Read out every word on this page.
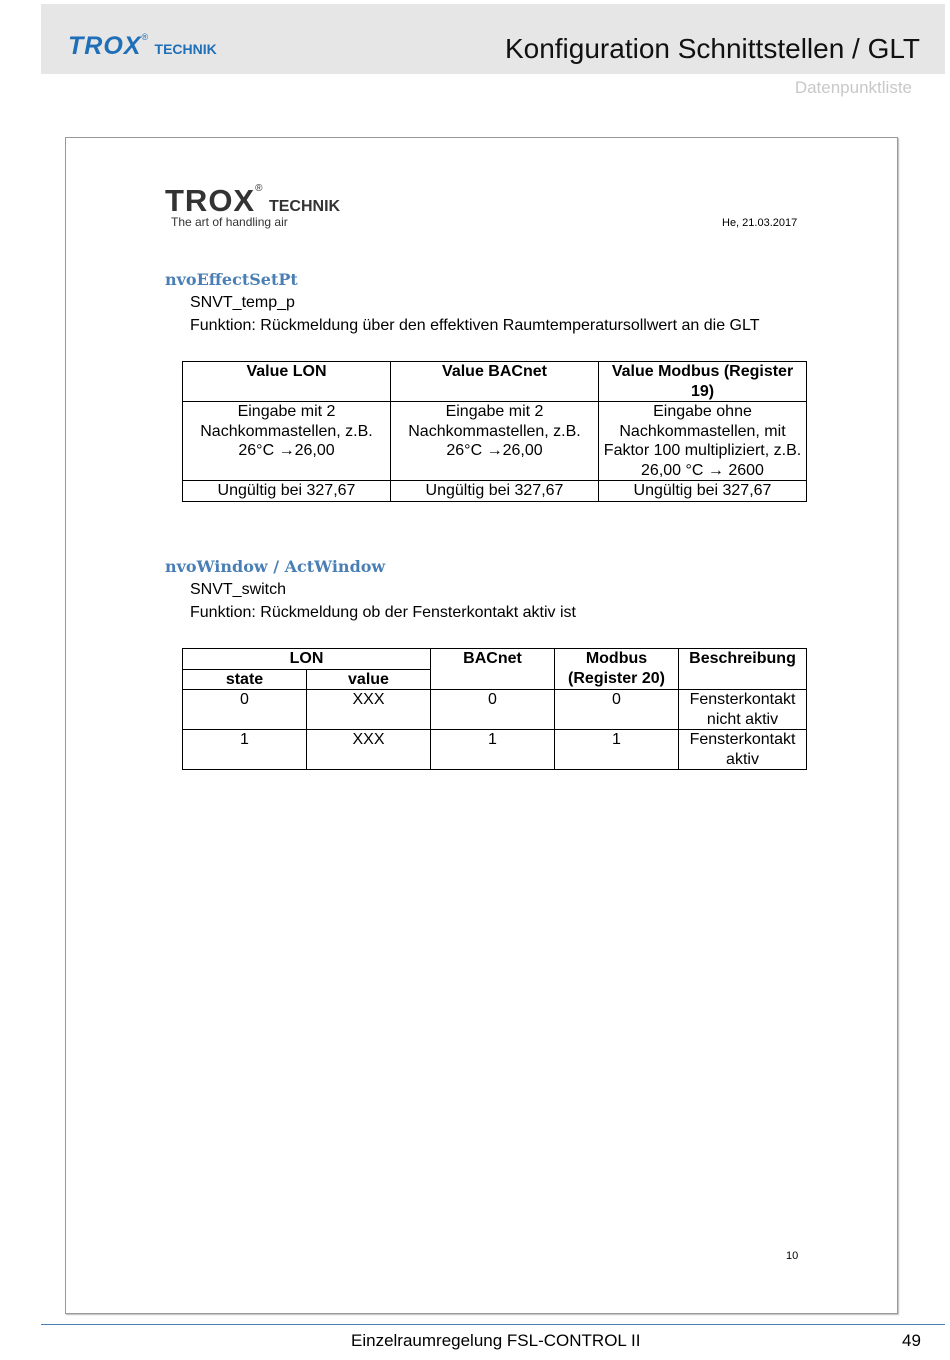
TROX® TECHNIK	Konfiguration Schnittstellen / GLT
Datenpunktliste
TROX® TECHNIK
The art of handling air	He, 21.03.2017
nvoEffectSetPt
SNVT_temp_p
Funktion: Rückmeldung über den effektiven Raumtemperatursollwert an die GLT
Value LON	Value BACnet	Value Modbus (Register 19)
Eingabe mit 2 Nachkommastellen, z.B. 26°C →26,00	Eingabe mit 2 Nachkommastellen, z.B. 26°C →26,00	Eingabe ohne Nachkommastellen, mit Faktor 100 multipliziert, z.B. 26,00 °C → 2600
Ungültig bei 327,67	Ungültig bei 327,67	Ungültig bei 327,67
nvoWindow / ActWindow
SNVT_switch
Funktion: Rückmeldung ob der Fensterkontakt aktiv ist
LON		BACnet	Modbus (Register 20)	Beschreibung
state	value			
0	XXX	0	0	Fensterkontakt nicht aktiv
1	XXX	1	1	Fensterkontakt aktiv
10
Einzelraumregelung FSL-CONTROL II	49
